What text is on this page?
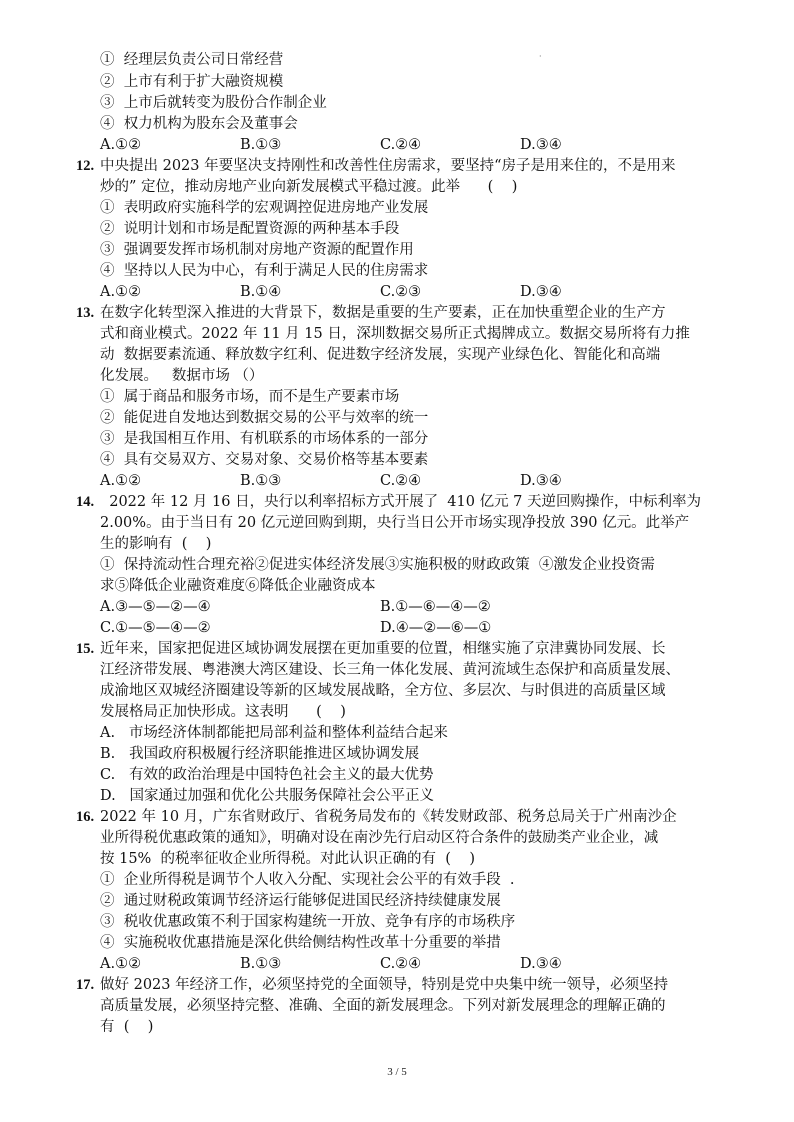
·
①  经理层负责公司日常经营
②  上市有利于扩大融资规模
③  上市后就转变为股份合作制企业
④  权力机构为股东会及董事会
A.①②	B.①③	C.②④	D.③④
12. 中央提出 2023 年要坚决支持刚性和改善性住房需求，要坚持“房子是用来住的，不是用来
炒的” 定位，推动房地产业向新发展模式平稳过渡。此举      (    )
①  表明政府实施科学的宏观调控促进房地产业发展
②  说明计划和市场是配置资源的两种基本手段
③  强调要发挥市场机制对房地产资源的配置作用
④  坚持以人民为中心，有利于满足人民的住房需求
A.①②	B.①④	C.②③	D.③④
13. 在数字化转型深入推进的大背景下，数据是重要的生产要素，正在加快重塑企业的生产方
式和商业模式。2022 年 11 月 15 日，深圳数据交易所正式揭牌成立。数据交易所将有力推
动  数据要素流通、释放数字红利、促进数字经济发展，实现产业绿色化、智能化和高端
化发展。   数据市场 （）
①  属于商品和服务市场，而不是生产要素市场
②  能促进自发地达到数据交易的公平与效率的统一
③  是我国相互作用、有机联系的市场体系的一部分
④  具有交易双方、交易对象、交易价格等基本要素
A.①②	B.①③	C.②④	D.③④
14. 2022 年 12 月 16 日，央行以利率招标方式开展了  410 亿元 7 天逆回购操作，中标利率为
2.00%。由于当日有 20 亿元逆回购到期，央行当日公开市场实现净投放 390 亿元。此举产
生的影响有  (    )
①  保持流动性合理充裕②促进实体经济发展③实施积极的财政政策  ④激发企业投资需
求⑤降低企业融资难度⑥降低企业融资成本
A.③—⑤—②—④	B.①—⑥—④—②
C.①—⑤—④—②	D.④—②—⑥—①
15. 近年来，国家把促进区域协调发展摆在更加重要的位置，相继实施了京津冀协同发展、长
江经济带发展、粤港澳大湾区建设、长三角一体化发展、黄河流域生态保护和高质量发展、
成渝地区双城经济圈建设等新的区域发展战略，全方位、多层次、与时俱进的高质量区域
发展格局正加快形成。这表明      (    )
A.   市场经济体制都能把局部利益和整体利益结合起来
B.   我国政府积极履行经济职能推进区域协调发展
C.   有效的政治治理是中国特色社会主义的最大优势
D.   国家通过加强和优化公共服务保障社会公平正义
16. 2022 年 10 月，广东省财政厅、省税务局发布的《转发财政部、税务总局关于广州南沙企
业所得税优惠政策的通知》，明确对设在南沙先行启动区符合条件的鼓励类产业企业，减
按 15%  的税率征收企业所得税。对此认识正确的有  (    )
①  企业所得税是调节个人收入分配、实现社会公平的有效手段  .
②  通过财税政策调节经济运行能够促进国民经济持续健康发展
③  税收优惠政策不利于国家构建统一开放、竞争有序的市场秩序
④  实施税收优惠措施是深化供给侧结构性改革十分重要的举措
A.①②	B.①③	C.②④	D.③④
17. 做好 2023 年经济工作，必须坚持党的全面领导，特别是党中央集中统一领导，必须坚持
高质量发展，必须坚持完整、准确、全面的新发展理念。下列对新发展理念的理解正确的
有  (    )
3 / 5
